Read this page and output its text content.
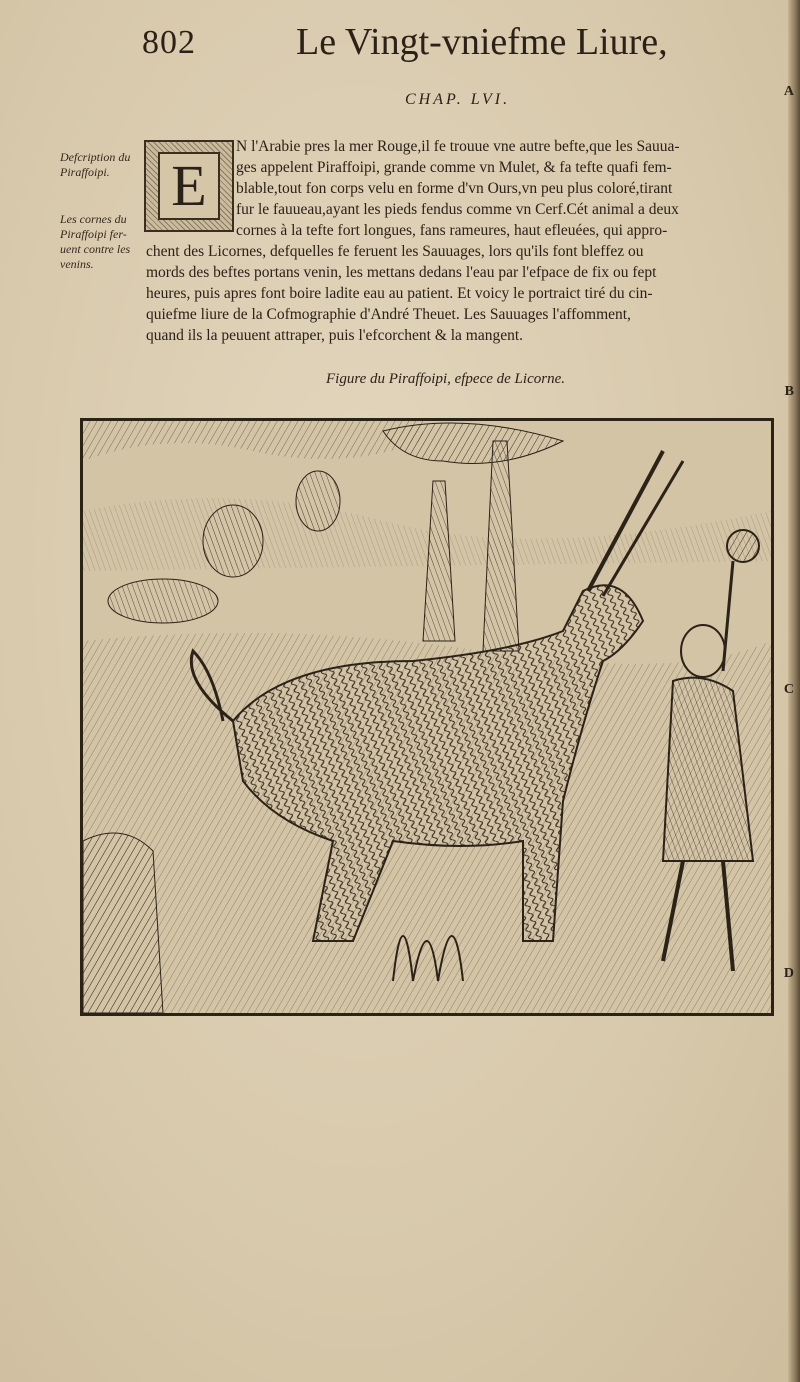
802	Le Vingt-vniefme Liure,
CHAP. LVI.
Defcription du Piraffoipi.
Les cornes du Piraffoipi fer- uent contre les venins.
A
B
C
D
E
N l'Arabie pres la mer Rouge,il fe trouue vne autre befte,que les Sauua-
ges appelent Piraffoipi, grande comme vn Mulet, & fa tefte quafi fem-
blable,tout fon corps velu en forme d'vn Ours,vn peu plus coloré,tirant
fur le fauueau,ayant les pieds fendus comme vn Cerf.Cét animal a deux
cornes à la tefte fort longues, fans rameures, haut efleuées, qui appro-
chent des Licornes, defquelles fe feruent les Sauuages, lors qu'ils font bleffez ou
mords des beftes portans venin, les mettans dedans l'eau par l'efpace de fix ou fept
heures, puis apres font boire ladite eau au patient. Et voicy le portraict tiré du cin-
quiefme liure de la Cofmographie d'André Theuet. Les Sauuages l'affomment,
quand ils la peuuent attraper, puis l'efcorchent & la mangent.
Figure du Piraffoipi, efpece de Licorne.
